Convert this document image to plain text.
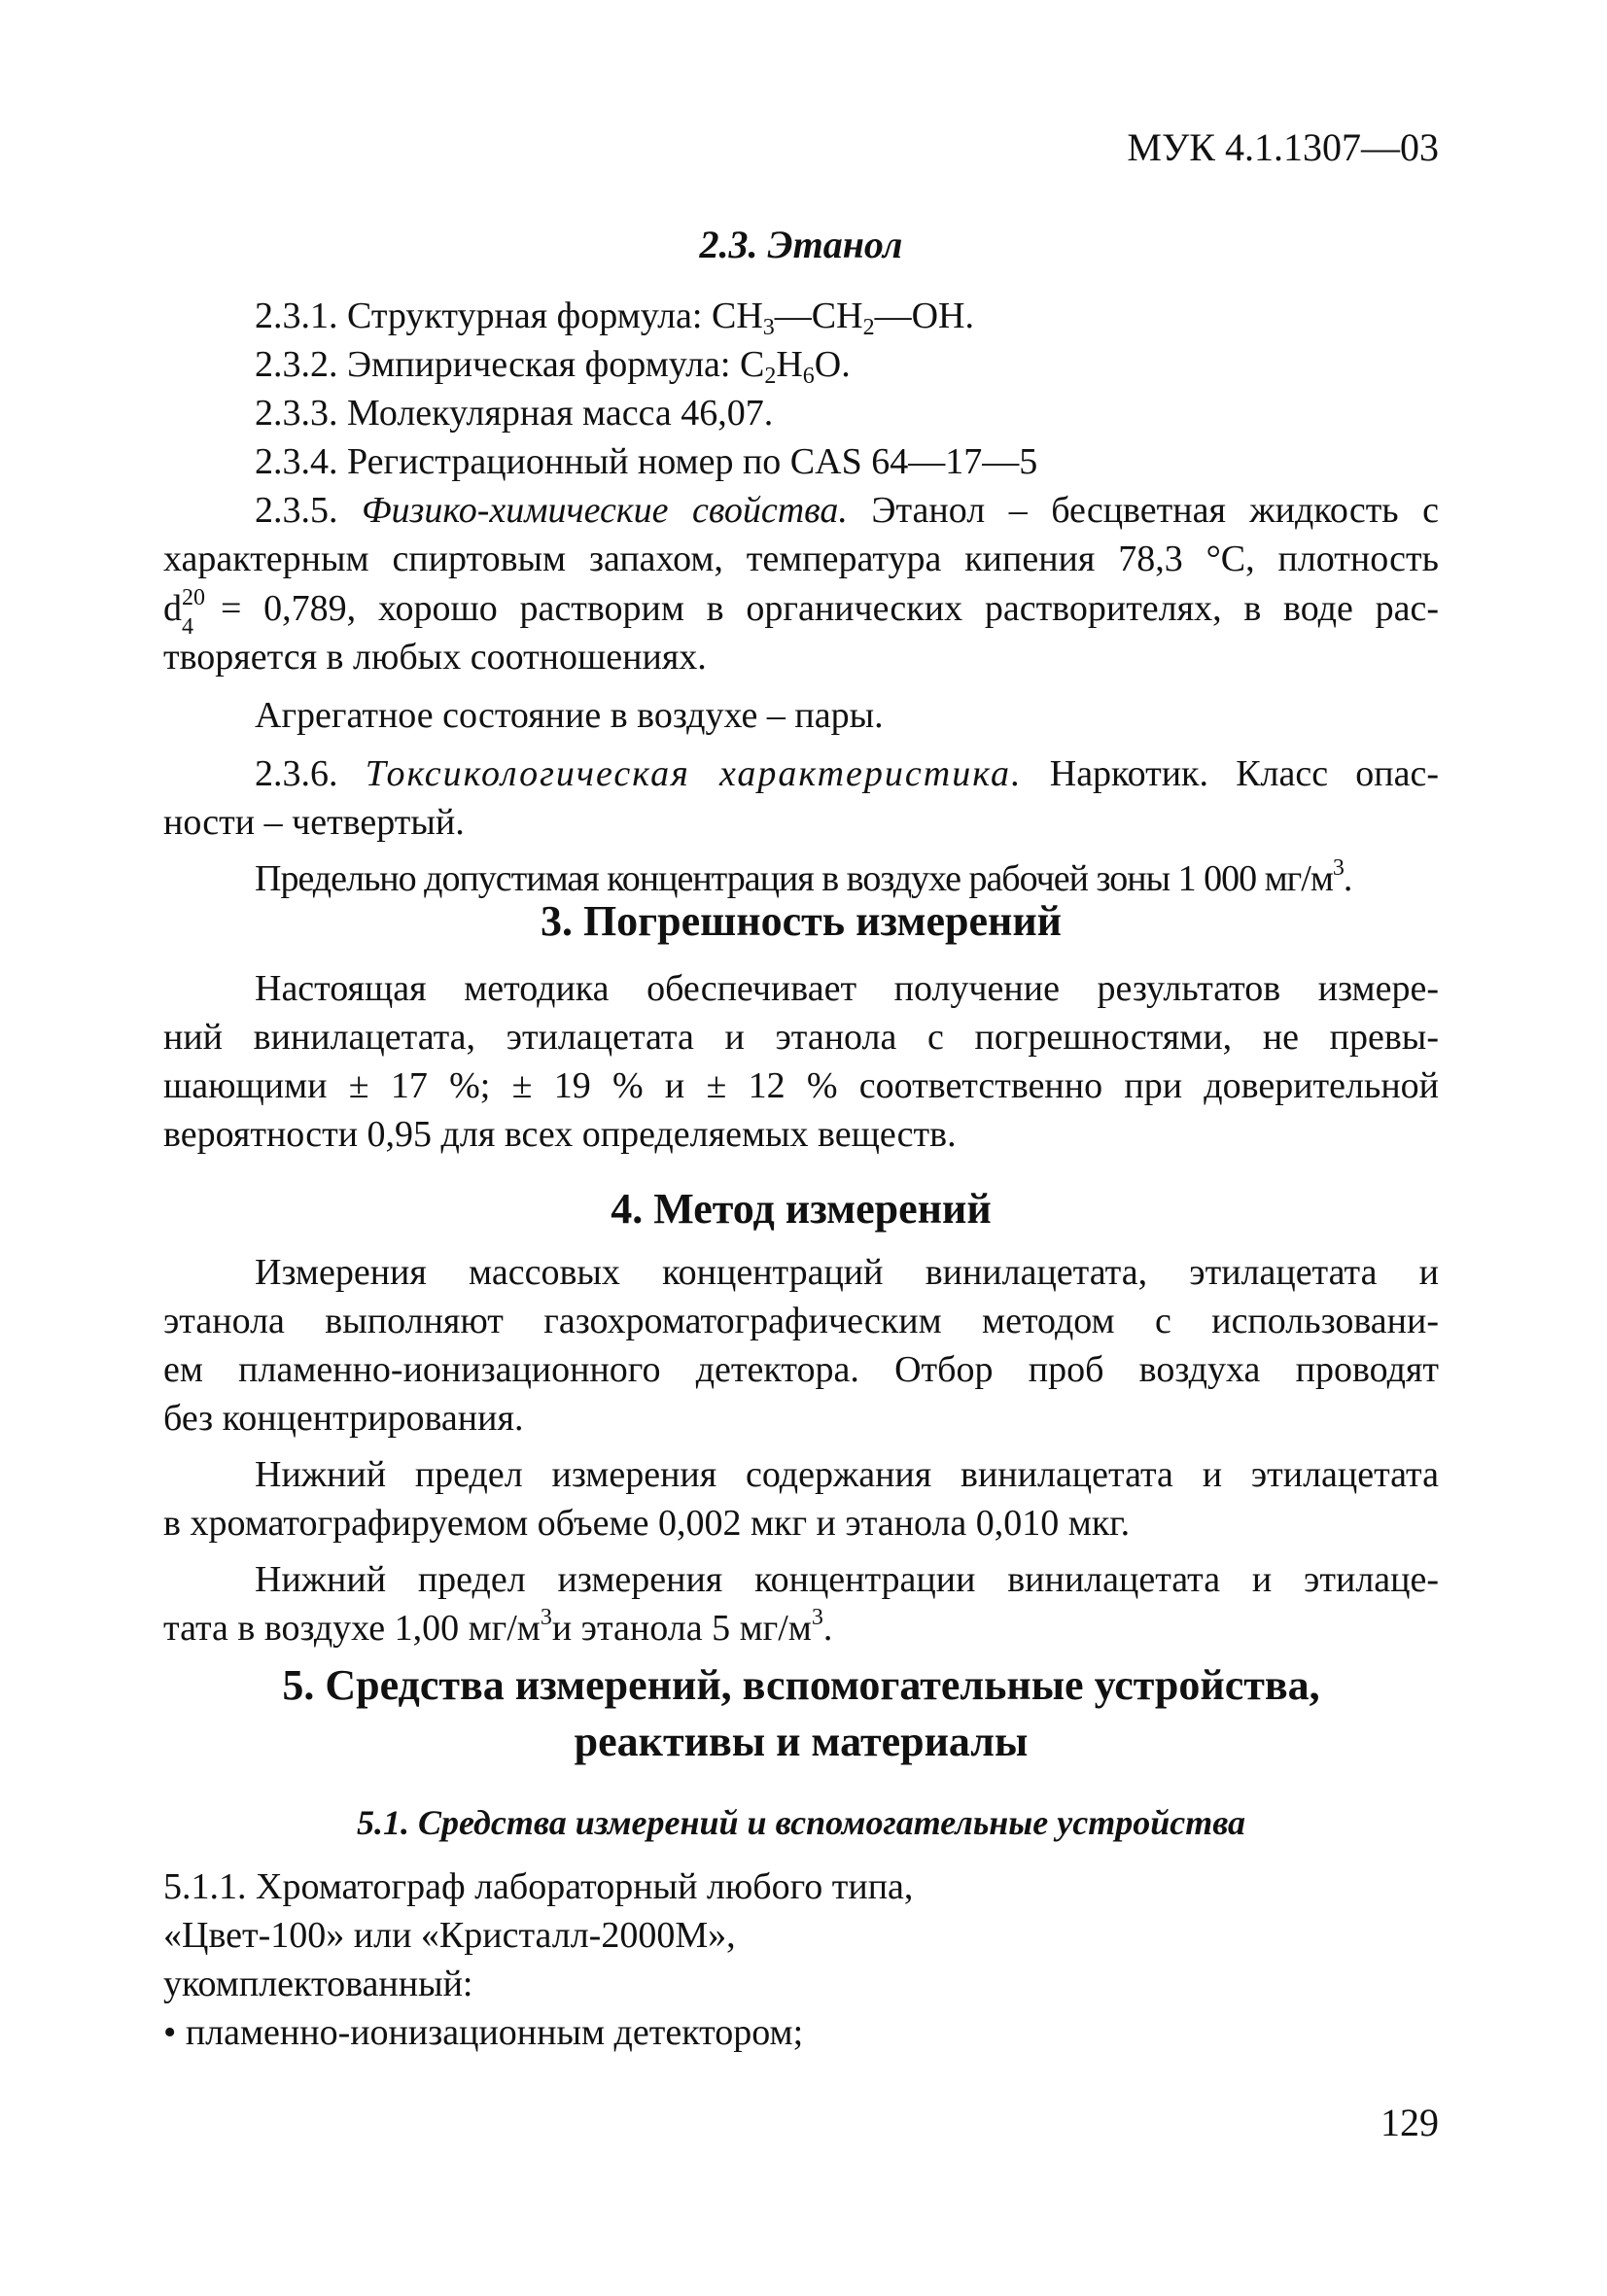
МУК 4.1.1307—03
2.3. Этанол

2.3.1. Структурная формула: $CH_3—CH_2—OH$.

2.3.2. Эмпирическая формула: $C_2H_6O$.

2.3.3. Молекулярная масса 46,07.

2.3.4. Регистрационный номер по CAS 64—17—5

2.3.5. Физико-химические свойства. Этанол – бесцветная жидкость с

характерным спиртовым запахом, температура кипения 78,3 °C, плотность

d 20
4 = 0,789, хорошо растворим в органических растворителях, в воде рас-

творяется в любых соотношениях.

Агрегатное состояние в воздухе – пары.

2.3.6. Токсикологическая характеристика. Наркотик. Класс опас-

ности – четвертый.

Предельно допустимая концентрация в воздухе рабочей зоны 1 000 $мг/м^3$.

3. Погрешность измерений

Настоящая методика обеспечивает получение результатов измере-

ний винилацетата, этилацетата и этанола с погрешностями, не превы-

шающими ± 17 %; ± 19 % и ± 12 % соответственно при доверительной

вероятности 0,95 для всех определяемых веществ.

4. Метод измерений

Измерения массовых концентраций винилацетата, этилацетата и

этанола выполняют газохроматографическим методом с использовани-

ем пламенно-ионизационного детектора. Отбор проб воздуха проводят

без концентрирования.

Нижний предел измерения содержания винилацетата и этилацетата

в хроматографируемом объеме 0,002 мкг и этанола 0,010 мкг.

Нижний предел измерения концентрации винилацетата и этилаце-

тата в воздухе 1,00 $мг/м^3и$ этанола 5 $мг/м^3$.

5. Средства измерений, вспомогательные устройства,
реактивы и материалы
5.1. Средства измерений и вспомогательные устройства

5.1.1. Хроматограф лабораторный любого типа,

«Цвет-100» или «Кристалл-2000М»,

укомплектованный:

• пламенно-ионизационным детектором;

129
